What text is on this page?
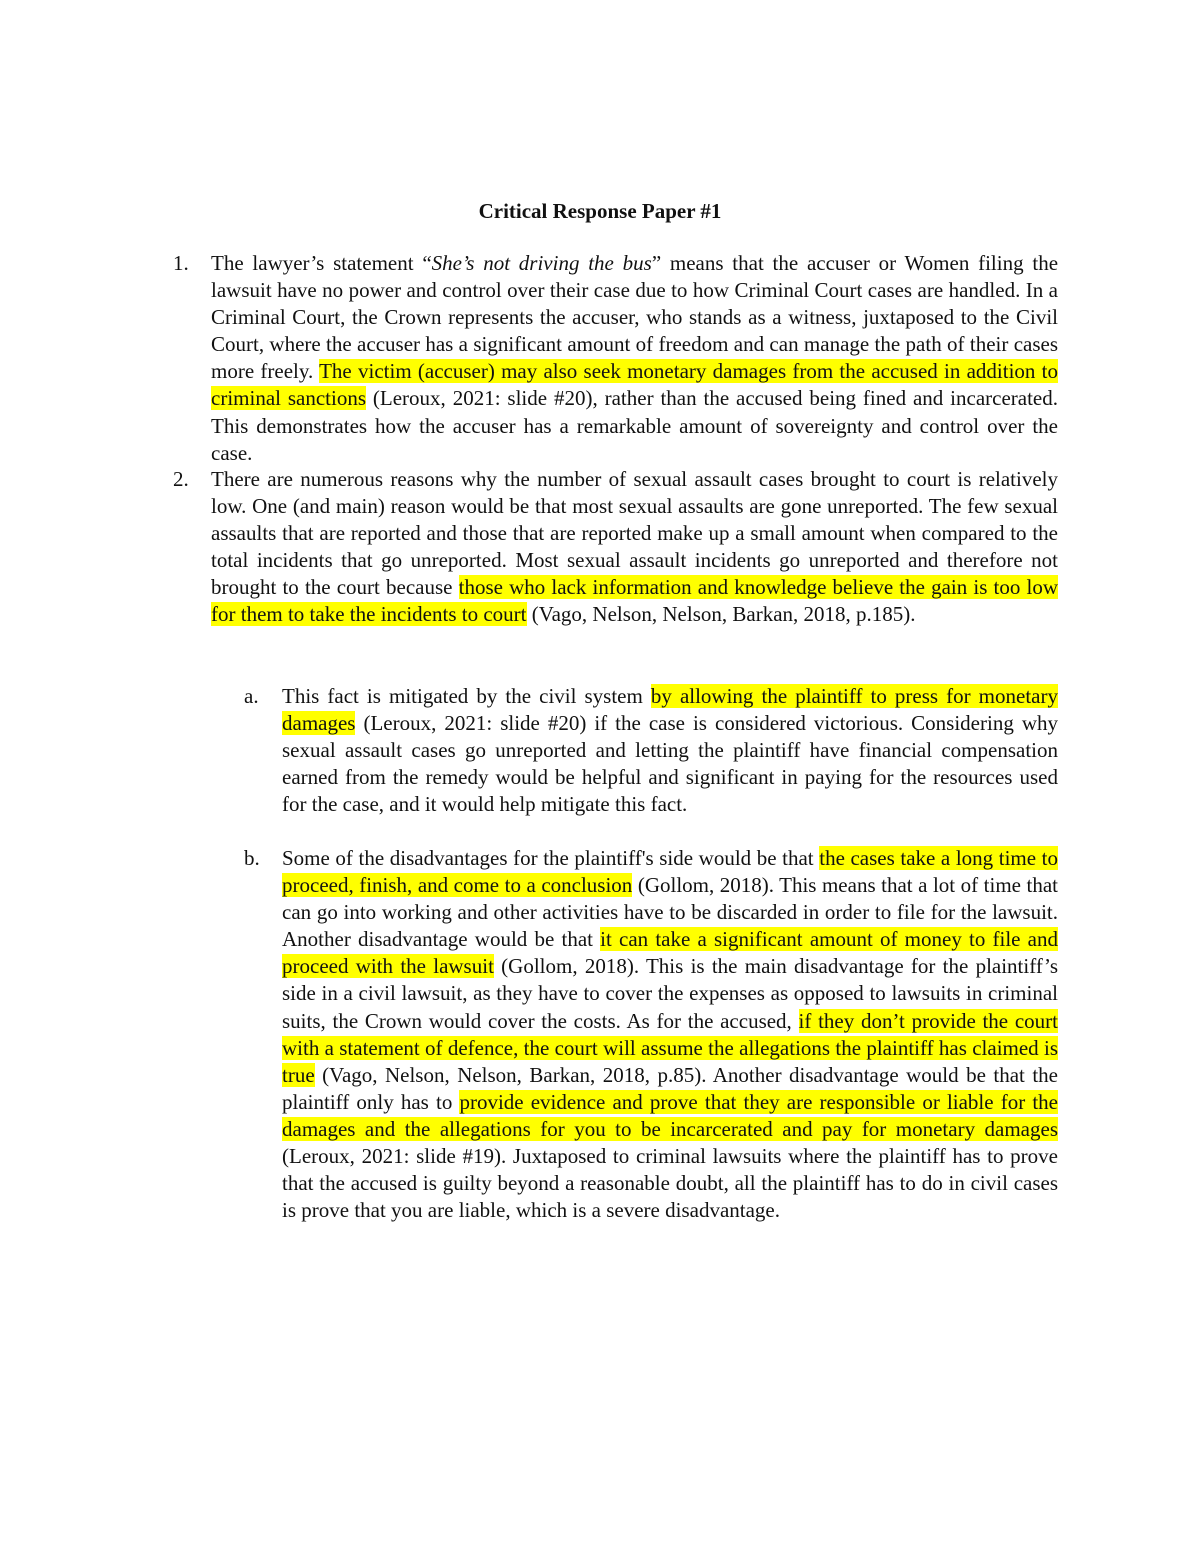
Critical Response Paper #1
1. The lawyer’s statement “She’s not driving the bus” means that the accuser or Women filing the lawsuit have no power and control over their case due to how Criminal Court cases are handled. In a Criminal Court, the Crown represents the accuser, who stands as a witness, juxtaposed to the Civil Court, where the accuser has a significant amount of freedom and can manage the path of their cases more freely. The victim (accuser) may also seek monetary damages from the accused in addition to criminal sanctions (Leroux, 2021: slide #20), rather than the accused being fined and incarcerated. This demonstrates how the accuser has a remarkable amount of sovereignty and control over the case.

2. There are numerous reasons why the number of sexual assault cases brought to court is relatively low. One (and main) reason would be that most sexual assaults are gone unreported. The few sexual assaults that are reported and those that are reported make up a small amount when compared to the total incidents that go unreported. Most sexual assault incidents go unreported and therefore not brought to the court because those who lack information and knowledge believe the gain is too low for them to take the incidents to court (Vago, Nelson, Nelson, Barkan, 2018, p.185).

a. This fact is mitigated by the civil system by allowing the plaintiff to press for monetary damages (Leroux, 2021: slide #20) if the case is considered victorious. Considering why sexual assault cases go unreported and letting the plaintiff have financial compensation earned from the remedy would be helpful and significant in paying for the resources used for the case, and it would help mitigate this fact.

b. Some of the disadvantages for the plaintiff's side would be that the cases take a long time to proceed, finish, and come to a conclusion (Gollom, 2018). This means that a lot of time that can go into working and other activities have to be discarded in order to file for the lawsuit. Another disadvantage would be that it can take a significant amount of money to file and proceed with the lawsuit (Gollom, 2018). This is the main disadvantage for the plaintiff’s side in a civil lawsuit, as they have to cover the expenses as opposed to lawsuits in criminal suits, the Crown would cover the costs. As for the accused, if they don’t provide the court with a statement of defence, the court will assume the allegations the plaintiff has claimed is true (Vago, Nelson, Nelson, Barkan, 2018, p.85). Another disadvantage would be that the plaintiff only has to provide evidence and prove that they are responsible or liable for the damages and the allegations for you to be incarcerated and pay for monetary damages (Leroux, 2021: slide #19). Juxtaposed to criminal lawsuits where the plaintiff has to prove that the accused is guilty beyond a reasonable doubt, all the plaintiff has to do in civil cases is prove that you are liable, which is a severe disadvantage.
